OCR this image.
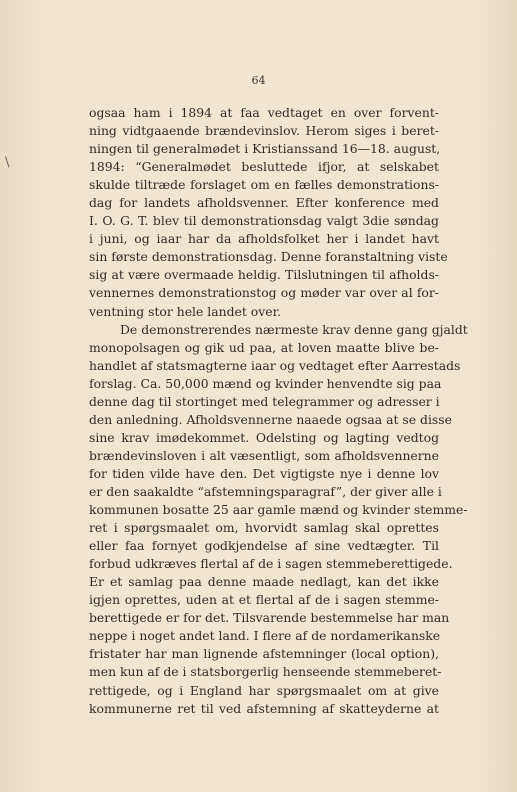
64
\
ogsaa ham i 1894 at faa vedtaget en over forvent-
ning vidtgaaende brændevinslov. Herom siges i beret-
ningen til generalmødet i Kristianssand 16—18. august,
1894: “Generalmødet besluttede ifjor, at selskabet
skulde tiltræde forslaget om en fælles demonstrations-
dag for landets afholdsvenner. Efter konference med
I. O. G. T. blev til demonstrationsdag valgt 3die søndag
i juni, og iaar har da afholdsfolket her i landet havt
sin første demonstrationsdag. Denne foranstaltning viste
sig at være overmaade heldig. Tilslutningen til afholds-
vennernes demonstrationstog og møder var over al for-
ventning stor hele landet over.
De demonstrerendes nærmeste krav denne gang gjaldt
monopolsagen og gik ud paa, at loven maatte blive be-
handlet af statsmagterne iaar og vedtaget efter Aarrestads
forslag. Ca. 50,000 mænd og kvinder henvendte sig paa
denne dag til stortinget med telegrammer og adresser i
den anledning. Afholdsvennerne naaede ogsaa at se disse
sine krav imødekommet. Odelsting og lagting vedtog
brændevinsloven i alt væsentligt, som afholdsvennerne
for tiden vilde have den. Det vigtigste nye i denne lov
er den saakaldte “afstemningsparagraf”, der giver alle i
kommunen bosatte 25 aar gamle mænd og kvinder stemme-
ret i spørgsmaalet om, hvorvidt samlag skal oprettes
eller faa fornyet godkjendelse af sine vedtægter. Til
forbud udkræves flertal af de i sagen stemmeberettigede.
Er et samlag paa denne maade nedlagt, kan det ikke
igjen oprettes, uden at et flertal af de i sagen stemme-
berettigede er for det. Tilsvarende bestemmelse har man
neppe i noget andet land. I flere af de nordamerikanske
fristater har man lignende afstemninger (local option),
men kun af de i statsborgerlig henseende stemmeberet-
rettigede, og i England har spørgsmaalet om at give
kommunerne ret til ved afstemning af skatteyderne at
